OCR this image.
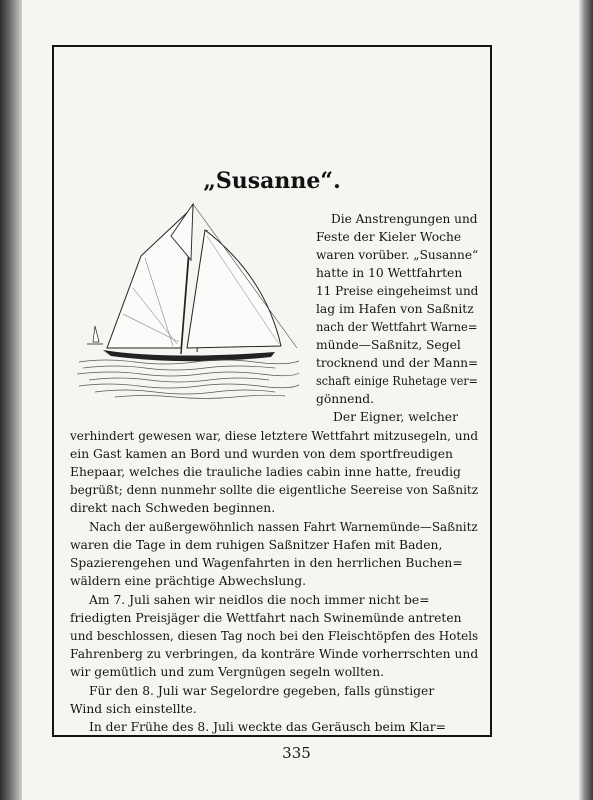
„Susanne“.
Die Anstrengungen und
Feste der Kieler Woche
waren vorüber. „Susanne“
hatte in 10 Wettfahrten
11 Preise eingeheimst und
lag im Hafen von Saßnitz
nach der Wettfahrt Warne=
münde—Saßnitz, Segel
trocknend und der Mann=
schaft einige Ruhetage ver=
gönnend.
Der Eigner, welcher
verhindert gewesen war, diese letztere Wettfahrt mitzusegeln, und
ein Gast kamen an Bord und wurden von dem sportfreudigen
Ehepaar, welches die trauliche ladies cabin inne hatte, freudig
begrüßt; denn nunmehr sollte die eigentliche Seereise von Saßnitz
direkt nach Schweden beginnen.
Nach der außergewöhnlich nassen Fahrt Warnemünde—Saßnitz
waren die Tage in dem ruhigen Saßnitzer Hafen mit Baden,
Spazierengehen und Wagenfahrten in den herrlichen Buchen=
wäldern eine prächtige Abwechslung.
Am 7. Juli sahen wir neidlos die noch immer nicht be=
friedigten Preisjäger die Wettfahrt nach Swinemünde antreten
und beschlossen, diesen Tag noch bei den Fleischtöpfen des Hotels
Fahrenberg zu verbringen, da konträre Winde vorherrschten und
wir gemütlich und zum Vergnügen segeln wollten.
Für den 8. Juli war Segelordre gegeben, falls günstiger
Wind sich einstellte.
In der Frühe des 8. Juli weckte das Geräusch beim Klar=
335
